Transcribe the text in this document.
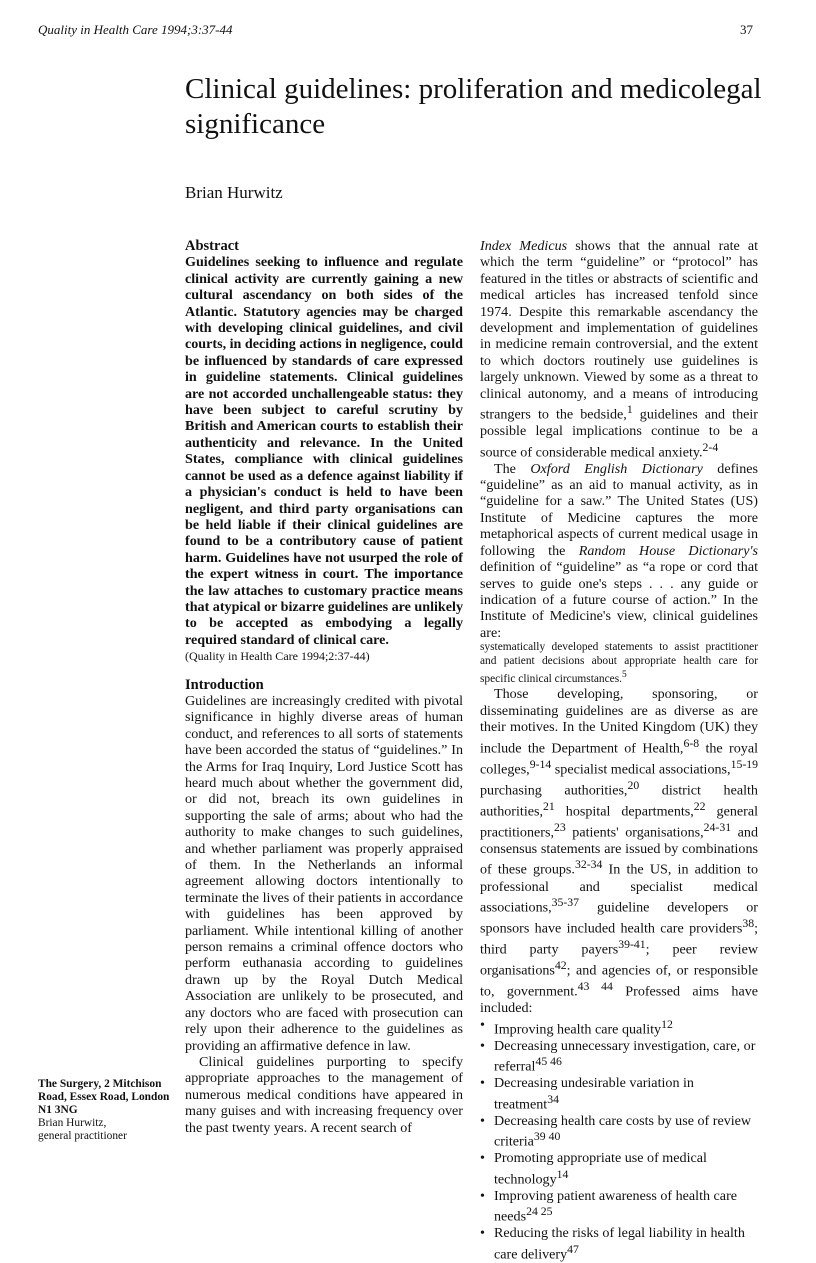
Quality in Health Care 1994;3:37-44	37
Clinical guidelines: proliferation and medicolegal significance
Brian Hurwitz

Abstract

Guidelines seeking to influence and regulate clinical activity are currently gaining a new cultural ascendancy on both sides of the Atlantic. Statutory agencies may be charged with developing clinical guidelines, and civil courts, in deciding actions in negligence, could be influenced by standards of care expressed in guideline statements. Clinical guidelines are not accorded unchallengeable status: they have been subject to careful scrutiny by British and American courts to establish their authenticity and relevance. In the United States, compliance with clinical guidelines cannot be used as a defence against liability if a physician's conduct is held to have been negligent, and third party organisations can be held liable if their clinical guidelines are found to be a contributory cause of patient harm. Guidelines have not usurped the role of the expert witness in court. The importance the law attaches to customary practice means that atypical or bizarre guidelines are unlikely to be accepted as embodying a legally required standard of clinical care.

(Quality in Health Care 1994;2:37-44)

Introduction

Guidelines are increasingly credited with pivotal significance in highly diverse areas of human conduct, and references to all sorts of statements have been accorded the status of “guidelines.” In the Arms for Iraq Inquiry, Lord Justice Scott has heard much about whether the government did, or did not, breach its own guidelines in supporting the sale of arms; about who had the authority to make changes to such guidelines, and whether parliament was properly appraised of them. In the Netherlands an informal agreement allowing doctors intentionally to terminate the lives of their patients in accordance with guidelines has been approved by parliament. While intentional killing of another person remains a criminal offence doctors who perform euthanasia according to guidelines drawn up by the Royal Dutch Medical Association are unlikely to be prosecuted, and any doctors who are faced with prosecution can rely upon their adherence to the guidelines as providing an affirmative defence in law.

Clinical guidelines purporting to specify appropriate approaches to the management of numerous medical conditions have appeared in many guises and with increasing frequency over the past twenty years. A recent search of

Index Medicus shows that the annual rate at which the term “guideline” or “protocol” has featured in the titles or abstracts of scientific and medical articles has increased tenfold since 1974. Despite this remarkable ascendancy the development and implementation of guidelines in medicine remain controversial, and the extent to which doctors routinely use guidelines is largely unknown. Viewed by some as a threat to clinical autonomy, and a means of introducing strangers to the bedside,$^1$ guidelines and their possible legal implications continue to be a source of considerable medical anxiety.$^{2-4}$

The Oxford English Dictionary defines “guideline” as an aid to manual activity, as in “guideline for a saw.” The United States (US) Institute of Medicine captures the more metaphorical aspects of current medical usage in following the Random House Dictionary's definition of “guideline” as “a rope or cord that serves to guide one's steps . . . any guide or indication of a future course of action.” In the Institute of Medicine's view, clinical guidelines are:

systematically developed statements to assist practitioner and patient decisions about appropriate health care for specific clinical circumstances.$^5$

Those developing, sponsoring, or disseminating guidelines are as diverse as are their motives. In the United Kingdom (UK) they include the Department of Health,$^{6-8}$ the royal colleges,$^{9-14}$ specialist medical associations,$^{15-19}$ purchasing authorities,$^{20}$ district health authorities,$^{21}$ hospital departments,$^{22}$ general practitioners,$^{23}$ patients' organisations,$^{24-31}$ and consensus statements are issued by combinations of these groups.$^{32-34}$ In the US, in addition to professional and specialist medical associations,$^{35-37}$ guideline developers or sponsors have included health care providers$^{38}$; third party payers$^{39-41}$; peer review organisations$^{42}$; and agencies of, or responsible to, government.$^{43 44}$ Professed aims have included:

• Improving health care quality$^{12}$
• Decreasing unnecessary investigation, care, or referral$^{45 46}$
• Decreasing undesirable variation in treatment$^{34}$
• Decreasing health care costs by use of review criteria$^{39 40}$
• Promoting appropriate use of medical technology$^{14}$
• Improving patient awareness of health care needs$^{24 25}$
• Reducing the risks of legal liability in health care delivery$^{47}$
The Surgery, 2 Mitchison Road, Essex Road, London N1 3NG
Brian Hurwitz,
general practitioner
